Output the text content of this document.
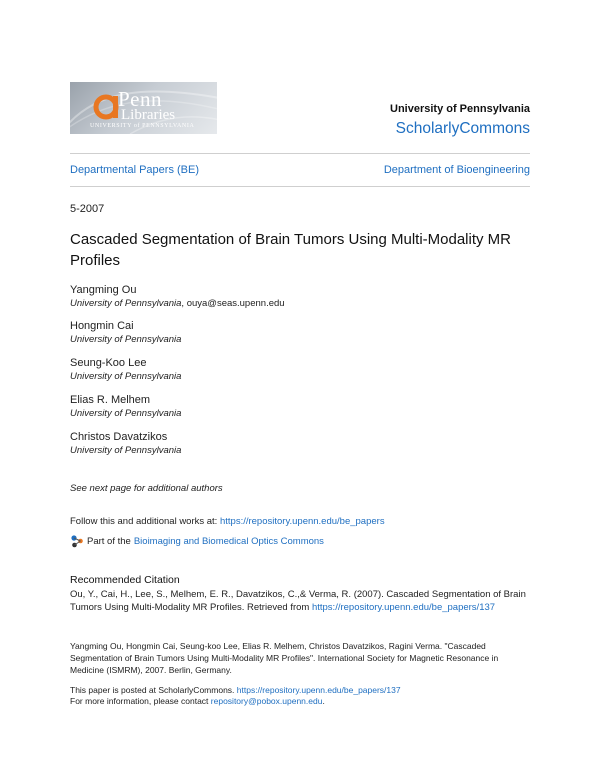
Penn
Libraries
UNIVERSITY of PENNSYLVANIA
University of Pennsylvania
ScholarlyCommons
Departmental Papers (BE)	Department of Bioengineering
5-2007
Cascaded Segmentation of Brain Tumors Using Multi-Modality MR Profiles
Yangming Ou
University of Pennsylvania, ouya@seas.upenn.edu
Hongmin Cai
University of Pennsylvania
Seung-Koo Lee
University of Pennsylvania
Elias R. Melhem
University of Pennsylvania
Christos Davatzikos
University of Pennsylvania
See next page for additional authors
Follow this and additional works at: https://repository.upenn.edu/be_papers
Part of the Bioimaging and Biomedical Optics Commons
Recommended Citation
Ou, Y., Cai, H., Lee, S., Melhem, E. R., Davatzikos, C.,& Verma, R. (2007). Cascaded Segmentation of Brain Tumors Using Multi-Modality MR Profiles. Retrieved from https://repository.upenn.edu/be_papers/137
Yangming Ou, Hongmin Cai, Seung-koo Lee, Elias R. Melhem, Christos Davatzikos, Ragini Verma. "Cascaded Segmentation of Brain Tumors Using Multi-Modality MR Profiles". International Society for Magnetic Resonance in Medicine (ISMRM), 2007. Berlin, Germany.
This paper is posted at ScholarlyCommons. https://repository.upenn.edu/be_papers/137
For more information, please contact repository@pobox.upenn.edu.
